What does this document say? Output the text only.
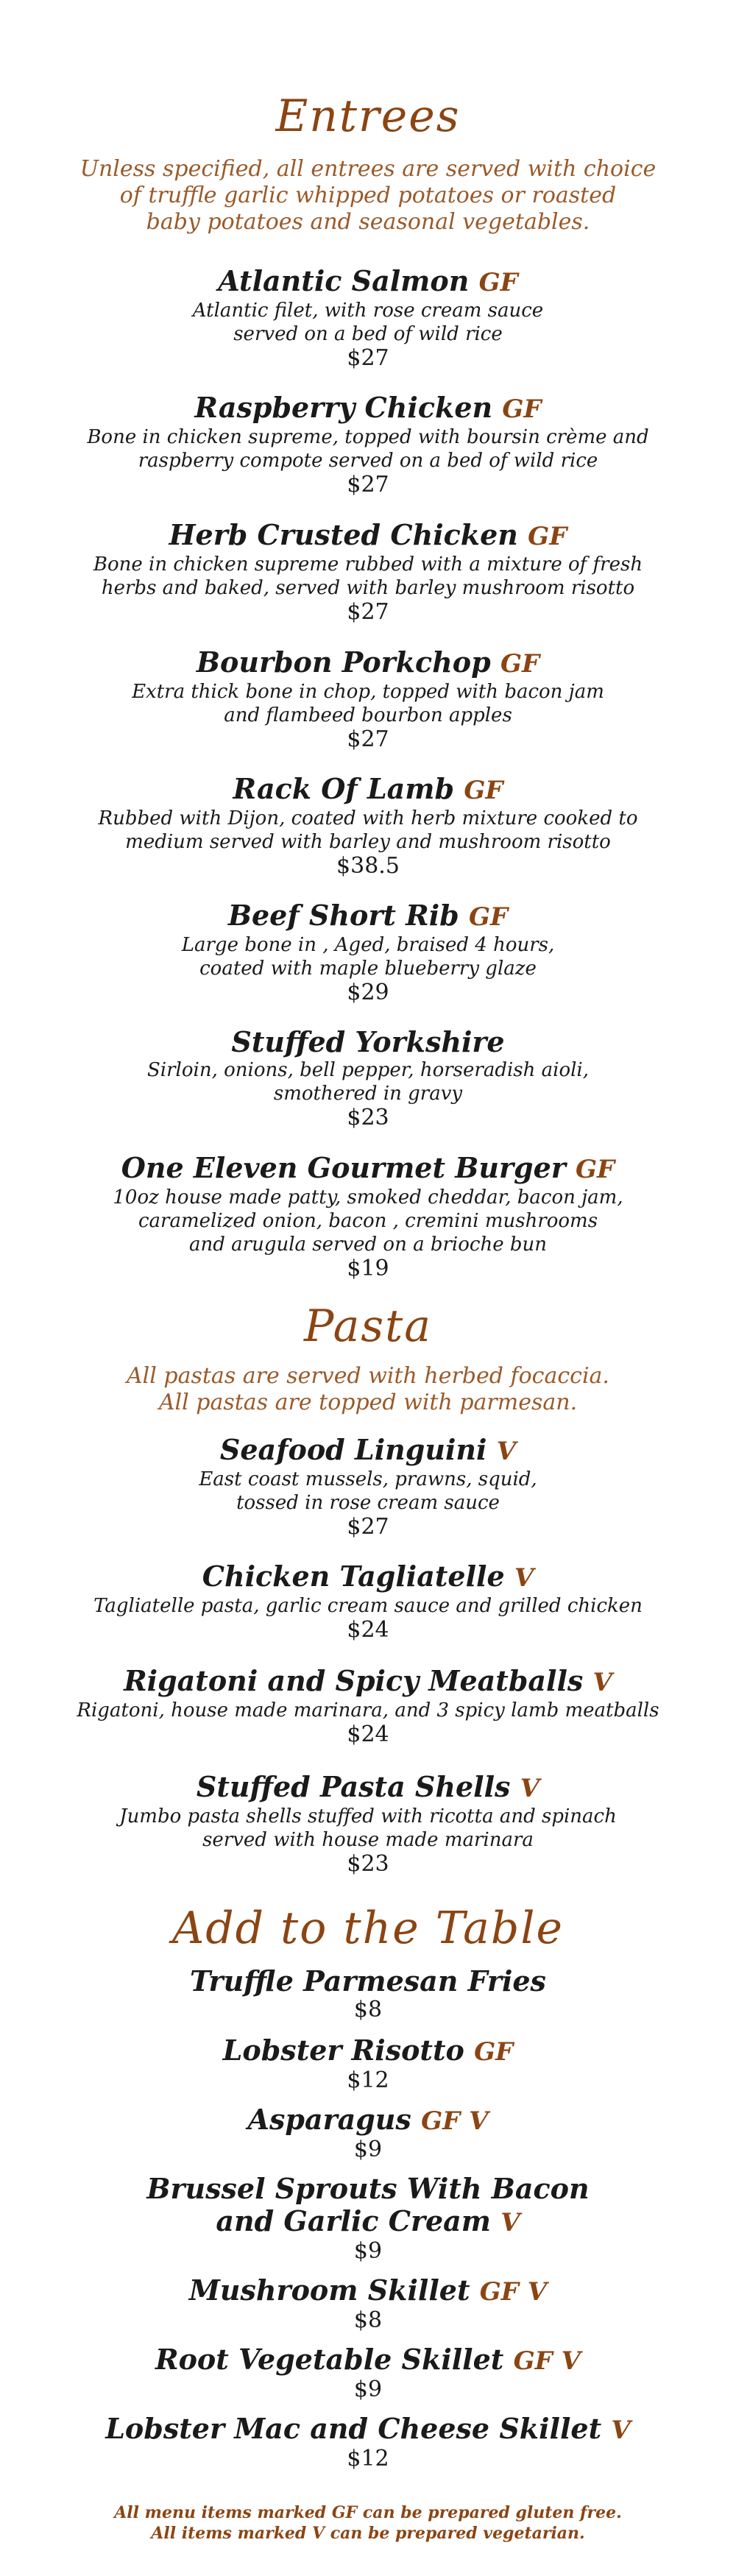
Entrees
Unless specified, all entrees are served with choice
of truffle garlic whipped potatoes or roasted
baby potatoes and seasonal vegetables.
Atlantic Salmon GF
Atlantic filet, with rose cream sauce
served on a bed of wild rice
$27
Raspberry Chicken GF
Bone in chicken supreme, topped with boursin crème and
raspberry compote served on a bed of wild rice
$27
Herb Crusted Chicken GF
Bone in chicken supreme rubbed with a mixture of fresh
herbs and baked, served with barley mushroom risotto
$27
Bourbon Porkchop GF
Extra thick bone in chop, topped with bacon jam
and flambeed bourbon apples
$27
Rack Of Lamb GF
Rubbed with Dijon, coated with herb mixture cooked to
medium served with barley and mushroom risotto
$38.5
Beef Short Rib GF
Large bone in , Aged, braised 4 hours,
coated with maple blueberry glaze
$29
Stuffed Yorkshire
Sirloin, onions, bell pepper, horseradish aioli,
smothered in gravy
$23
One Eleven Gourmet Burger GF
10oz house made patty, smoked cheddar, bacon jam,
caramelized onion, bacon , cremini mushrooms
and arugula served on a brioche bun
$19
Pasta
All pastas are served with herbed focaccia.
All pastas are topped with parmesan.
Seafood Linguini V
East coast mussels, prawns, squid,
tossed in rose cream sauce
$27
Chicken Tagliatelle V
Tagliatelle pasta, garlic cream sauce and grilled chicken
$24
Rigatoni and Spicy Meatballs V
Rigatoni, house made marinara, and 3 spicy lamb meatballs
$24
Stuffed Pasta Shells V
Jumbo pasta shells stuffed with ricotta and spinach
served with house made marinara
$23
Add to the Table
Truffle Parmesan Fries
$8
Lobster Risotto GF
$12
Asparagus GF V
$9
Brussel Sprouts With Bacon
and Garlic Cream V
$9
Mushroom Skillet GF V
$8
Root Vegetable Skillet GF V
$9
Lobster Mac and Cheese Skillet V
$12
All menu items marked GF can be prepared gluten free.
All items marked V can be prepared vegetarian.
